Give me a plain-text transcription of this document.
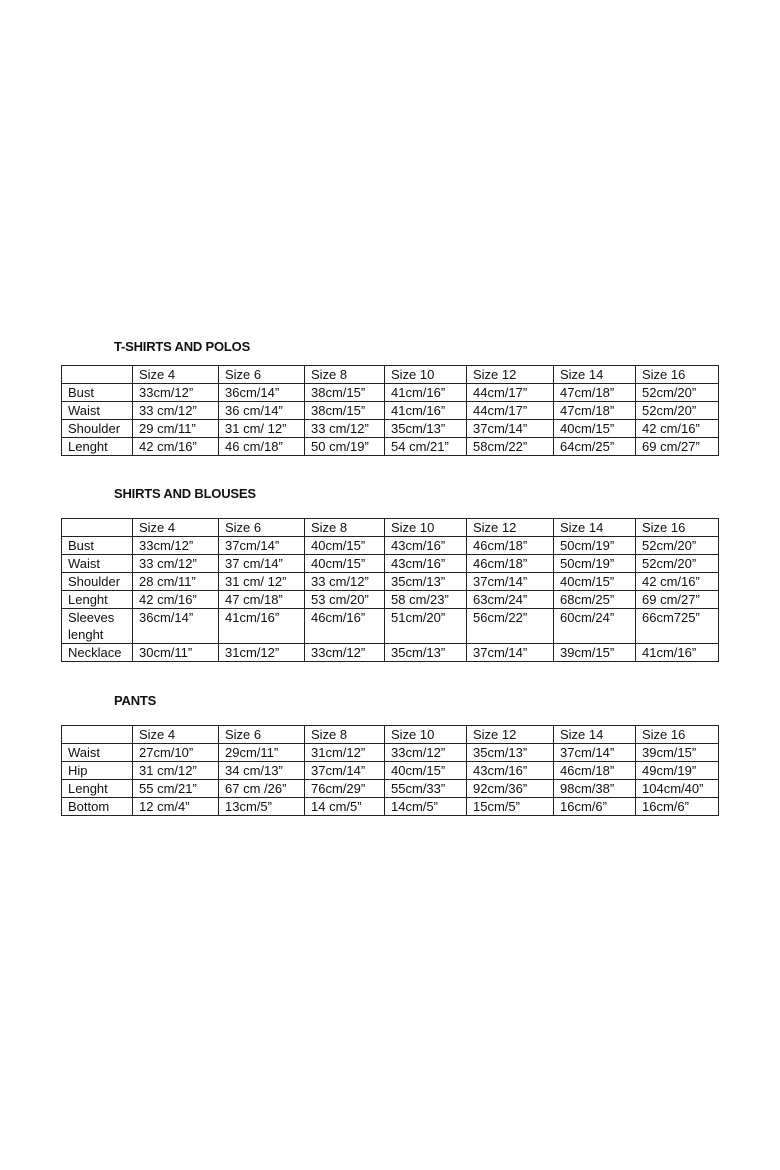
T-SHIRTS AND POLOS
	Size 4	Size 6	Size 8	Size 10	Size 12	Size 14	Size 16
Bust	33cm/12”	36cm/14”	38cm/15”	41cm/16”	44cm/17”	47cm/18”	52cm/20”
Waist	33 cm/12”	36 cm/14”	38cm/15”	41cm/16”	44cm/17”	47cm/18”	52cm/20”
Shoulder	29 cm/11”	31 cm/ 12”	33 cm/12”	35cm/13”	37cm/14”	40cm/15”	42 cm/16”
Lenght	42 cm/16”	46 cm/18”	50 cm/19”	54 cm/21”	58cm/22”	64cm/25”	69 cm/27”
SHIRTS AND BLOUSES
	Size 4	Size 6	Size 8	Size 10	Size 12	Size 14	Size 16
Bust	33cm/12”	37cm/14”	40cm/15”	43cm/16”	46cm/18”	50cm/19”	52cm/20”
Waist	33 cm/12”	37 cm/14”	40cm/15”	43cm/16”	46cm/18”	50cm/19”	52cm/20”
Shoulder	28 cm/11”	31 cm/ 12”	33 cm/12”	35cm/13”	37cm/14”	40cm/15”	42 cm/16”
Lenght	42 cm/16”	47 cm/18”	53 cm/20”	58 cm/23”	63cm/24”	68cm/25”	69 cm/27”
Sleeves lenght	36cm/14”	41cm/16”	46cm/16”	51cm/20”	56cm/22”	60cm/24”	66cm725”
Necklace	30cm/11”	31cm/12”	33cm/12”	35cm/13”	37cm/14”	39cm/15”	41cm/16”
PANTS
	Size 4	Size 6	Size 8	Size 10	Size 12	Size 14	Size 16
Waist	27cm/10”	29cm/11”	31cm/12”	33cm/12”	35cm/13”	37cm/14”	39cm/15”
Hip	31 cm/12”	34 cm/13”	37cm/14”	40cm/15”	43cm/16”	46cm/18”	49cm/19”
Lenght	55 cm/21”	67 cm /26”	76cm/29”	55cm/33”	92cm/36”	98cm/38”	104cm/40”
Bottom	12 cm/4”	13cm/5”	14 cm/5”	14cm/5”	15cm/5”	16cm/6”	16cm/6”
